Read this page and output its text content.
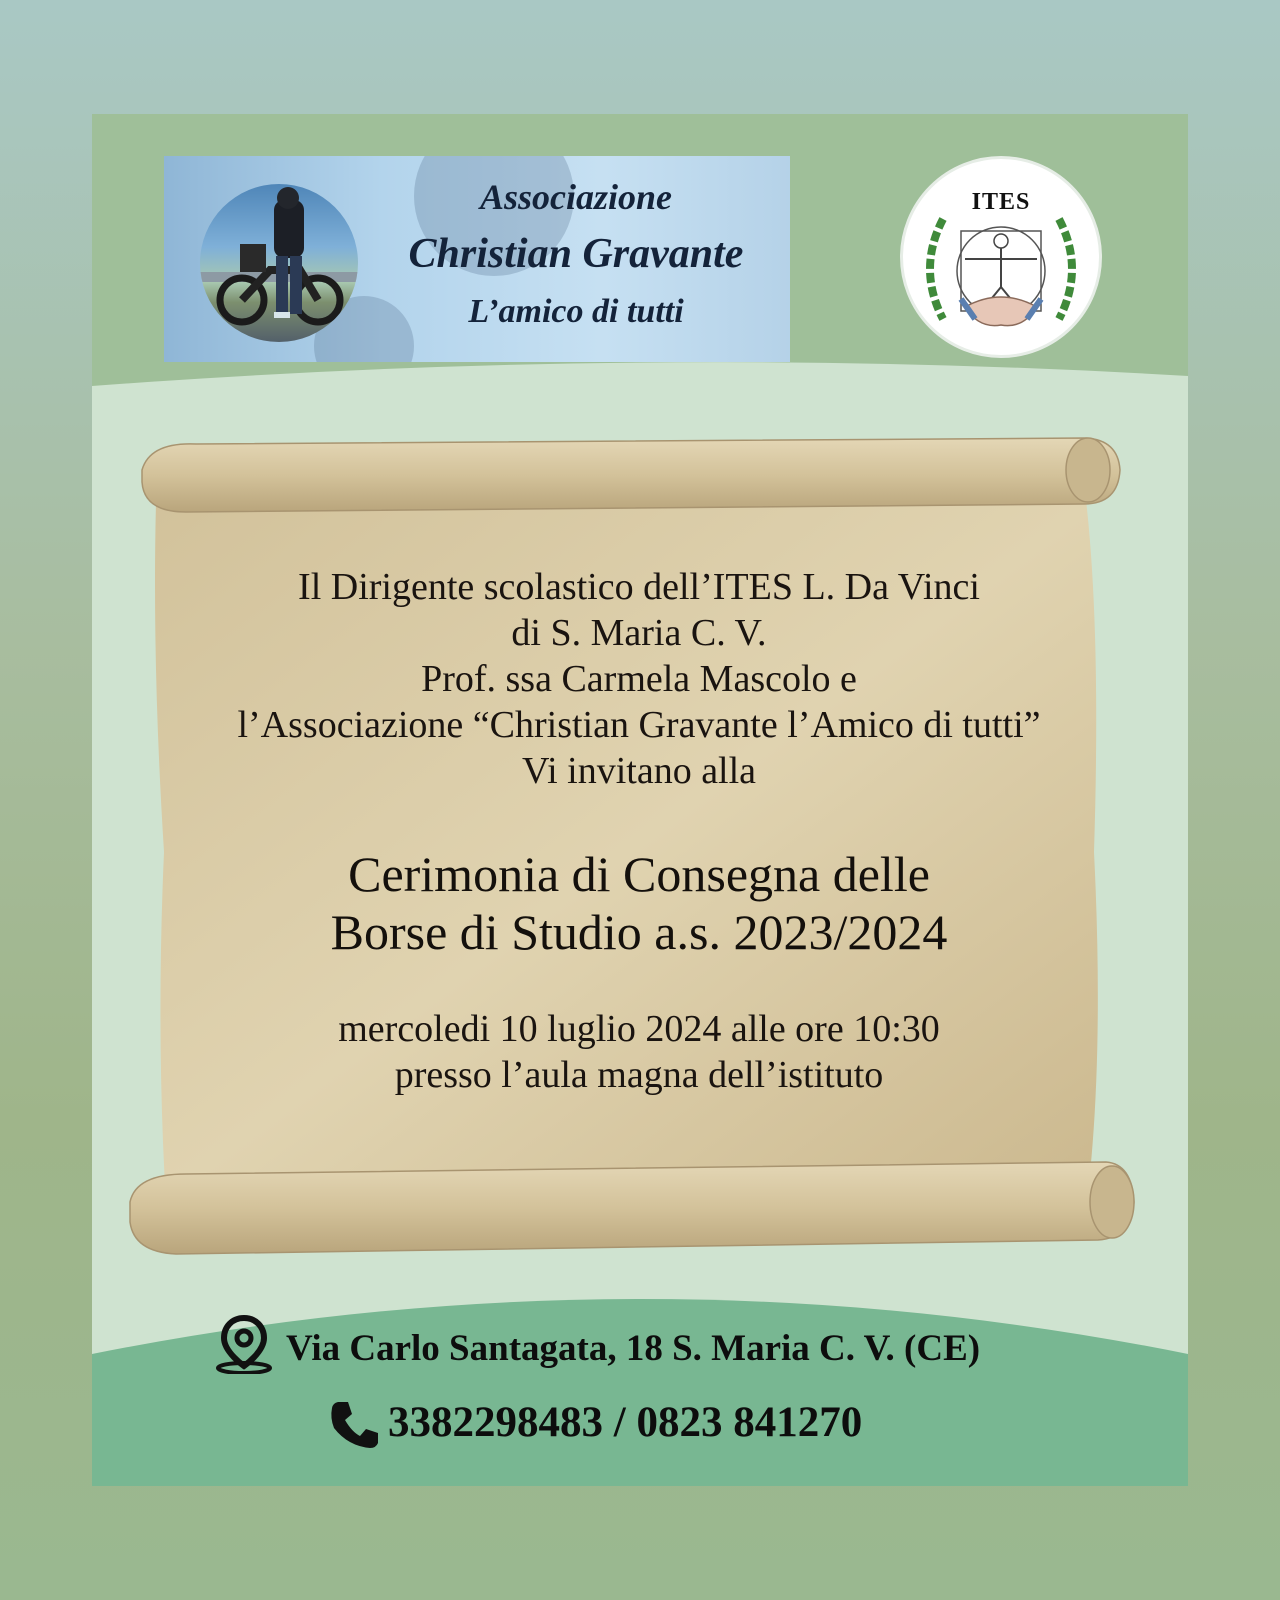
Associazione
Christian Gravante
L’amico di tutti
ITES
Il Dirigente scolastico dell’ITES L. Da Vinci
di S. Maria C. V.
Prof. ssa Carmela Mascolo e
l’Associazione “Christian Gravante l’Amico di tutti”
Vi invitano alla
Cerimonia di Consegna delle
Borse di Studio a.s. 2023/2024
mercoledi 10 luglio 2024 alle ore 10:30
presso l’aula magna dell’istituto
Via Carlo Santagata, 18 S. Maria C. V. (CE)
3382298483 / 0823 841270
